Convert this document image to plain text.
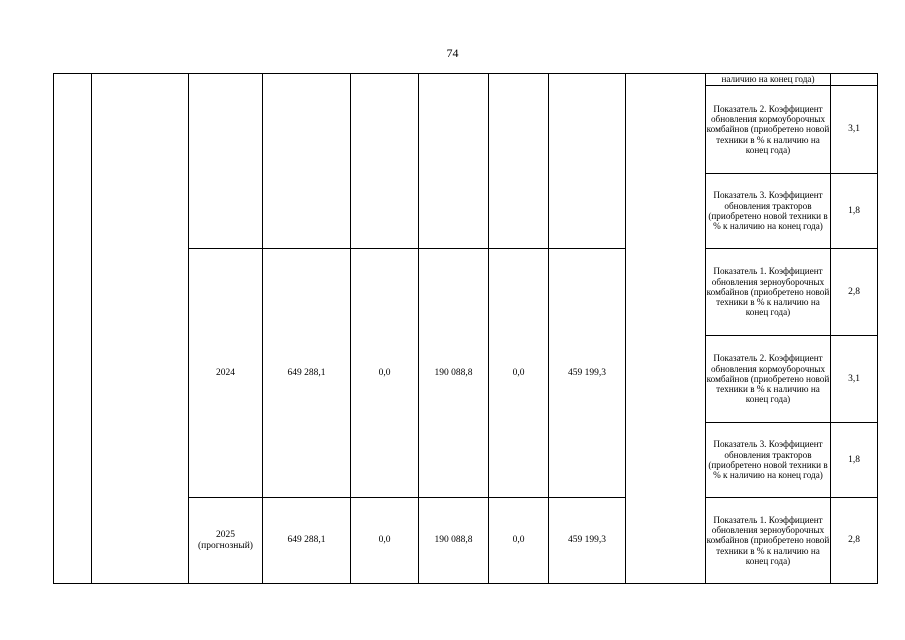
74
									наличию на конец года)	
									Показатель 2. Коэффициент обновления кормоуборочных комбайнов (приобретено новой техники в % к наличию на конец года)	3,1
									Показатель 3. Коэффициент обновления тракторов (приобретено новой техники в % к наличию на конец года)	1,8
		2024	649 288,1	0,0	190 088,8	0,0	459 199,3		Показатель 1. Коэффициент обновления зерноуборочных комбайнов (приобретено новой техники в % к наличию на конец года)	2,8
									Показатель 2. Коэффициент обновления кормоуборочных комбайнов (приобретено новой техники в % к наличию на конец года)	3,1
									Показатель 3. Коэффициент обновления тракторов (приобретено новой техники в % к наличию на конец года)	1,8
		2025
(прогнозный)	649 288,1	0,0	190 088,8	0,0	459 199,3		Показатель 1. Коэффициент обновления зерноуборочных комбайнов (приобретено новой техники в % к наличию на конец года)	2,8
